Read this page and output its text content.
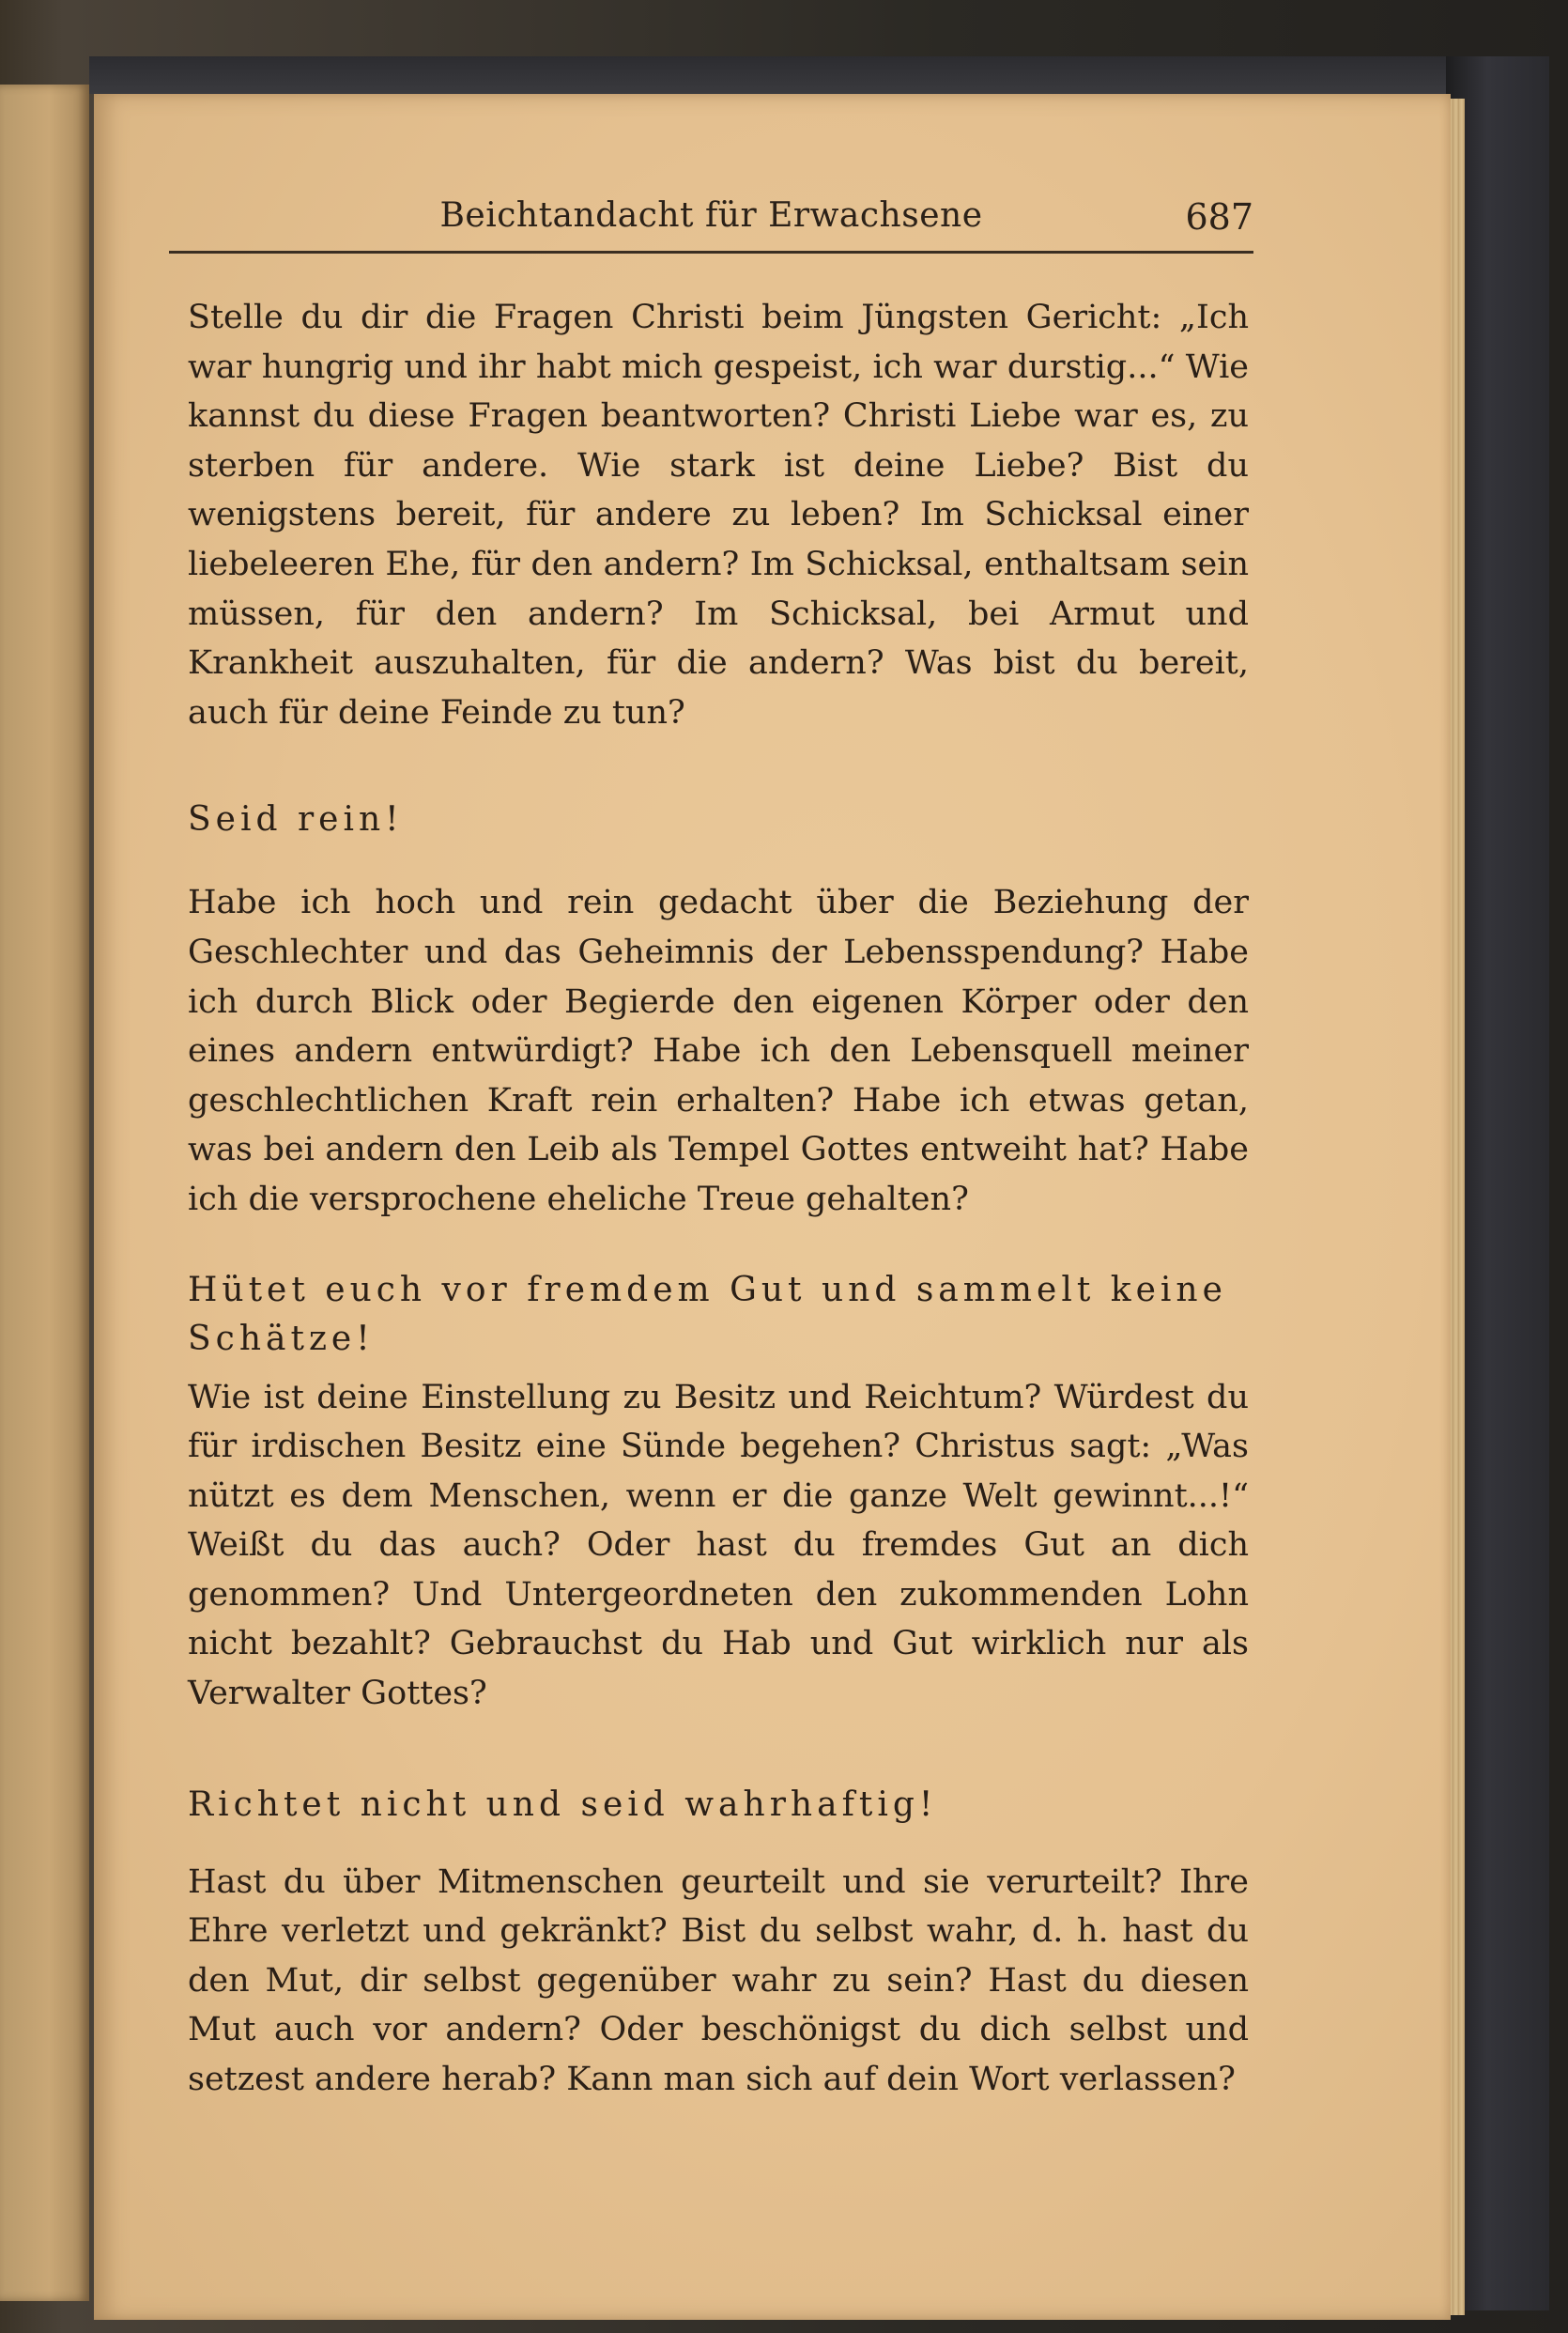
Beichtandacht für Erwachsene	687

Stelle du dir die Fragen Christi beim Jüngsten Gericht: „Ich war hungrig und ihr habt mich gespeist, ich war durstig...“ Wie kannst du diese Fragen beantworten? Christi Liebe war es, zu sterben für andere. Wie stark ist deine Liebe? Bist du wenigstens bereit, für andere zu leben? Im Schicksal einer liebeleeren Ehe, für den andern? Im Schicksal, enthaltsam sein müssen, für den andern? Im Schicksal, bei Armut und Krankheit auszuhalten, für die andern? Was bist du bereit, auch für deine Feinde zu tun?

Seid rein!

Habe ich hoch und rein gedacht über die Beziehung der Geschlechter und das Geheimnis der Lebensspendung? Habe ich durch Blick oder Begierde den eigenen Körper oder den eines andern entwürdigt? Habe ich den Lebensquell meiner geschlechtlichen Kraft rein erhalten? Habe ich etwas getan, was bei andern den Leib als Tempel Gottes entweiht hat? Habe ich die versprochene eheliche Treue gehalten?

Hütet euch vor fremdem Gut und sammelt keine Schätze!

Wie ist deine Einstellung zu Besitz und Reichtum? Würdest du für irdischen Besitz eine Sünde begehen? Christus sagt: „Was nützt es dem Menschen, wenn er die ganze Welt gewinnt...!“ Weißt du das auch? Oder hast du fremdes Gut an dich genommen? Und Untergeordneten den zukommenden Lohn nicht bezahlt? Gebrauchst du Hab und Gut wirklich nur als Verwalter Gottes?

Richtet nicht und seid wahrhaftig!

Hast du über Mitmenschen geurteilt und sie verurteilt? Ihre Ehre verletzt und gekränkt? Bist du selbst wahr, d. h. hast du den Mut, dir selbst gegenüber wahr zu sein? Hast du diesen Mut auch vor andern? Oder beschönigst du dich selbst und setzest andere herab? Kann man sich auf dein Wort verlassen?
